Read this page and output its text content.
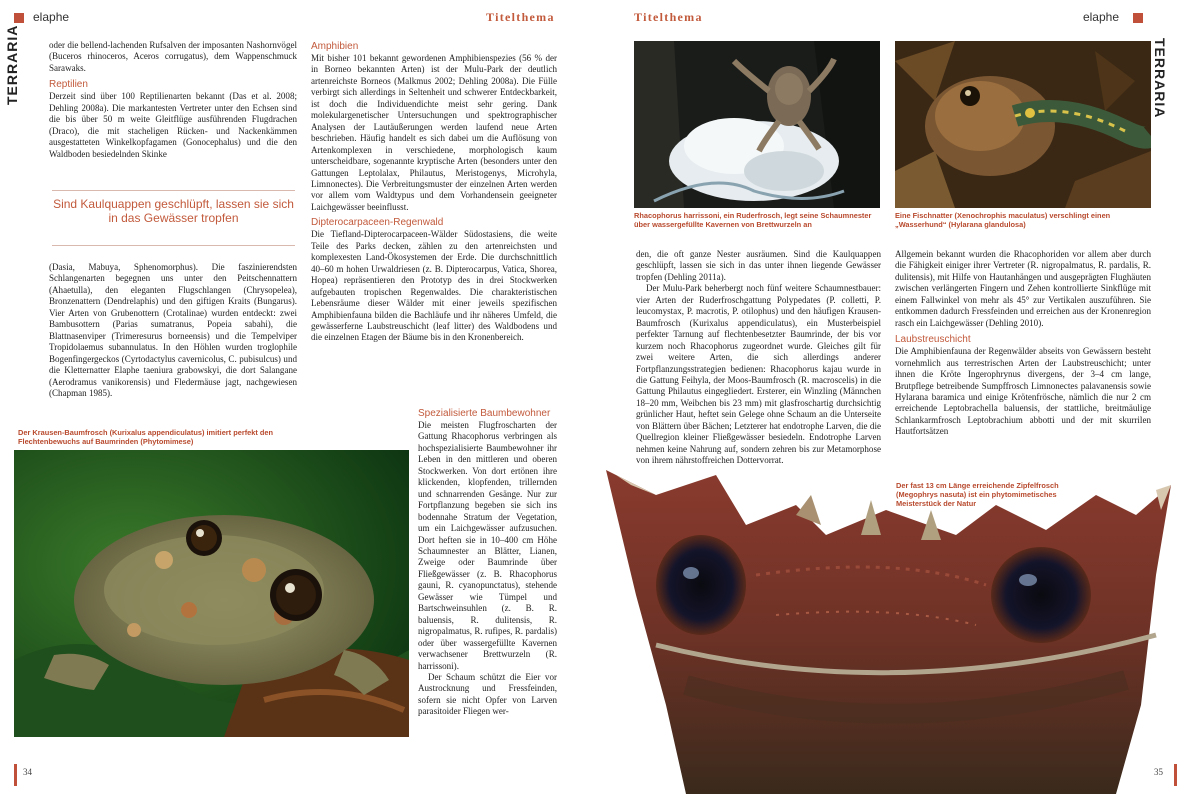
elaphe	Titelthema
TERRARIA	oder die bellend-lachenden Rufsalven der imposanten Nashornvögel (Buceros rhinoceros, Aceros corrugatus), dem Wappenschmuck Sarawaks.

Reptilien

Derzeit sind über 100 Reptilienarten bekannt (Das et al. 2008; Dehling 2008a). Die markantesten Vertreter unter den Echsen sind die bis über 50 m weite Gleitflüge ausführenden Flugdrachen (Draco), die mit stacheligen Rücken- und Nackenkämmen ausgestatteten Winkelkopfagamen (Gonocephalus) und die den Waldboden besiedelnden Skinke

Sind Kaulquappen geschlüpft, lassen sie sich in das Gewässer tropfen

(Dasia, Mabuya, Sphenomorphus). Die faszinierendsten Schlangenarten begegnen uns unter den Peitschennattern (Ahaetulla), den eleganten Flugschlangen (Chrysopelea), Bronzenattern (Dendrelaphis) und den giftigen Kraits (Bungarus). Vier Arten von Grubenottern (Crotalinae) wurden entdeckt: zwei Bambusottern (Parias sumatranus, Popeia sabahi), die Blattnasenviper (Trimeresurus borneensis) und die Tempelviper Tropidolaemus subannulatus. In den Höhlen wurden troglophile Bogenfingergeckos (Cyrtodactylus cavernicolus, C. pubisulcus) und die Kletternatter Elaphe taeniura grabowskyi, die dort Salangane (Aerodramus vanikorensis) und Fledermäuse jagt, nachgewiesen (Chapman 1985).

Der Krausen-Baumfrosch (Kurixalus appendiculatus) imitiert perfekt den Flechtenbewuchs auf Baumrinden (Phytomimese)

Amphibien

Mit bisher 101 bekannt gewordenen Amphibienspezies (56 % der in Borneo bekannten Arten) ist der Mulu-Park der deutlich artenreichste Borneos (Malkmus 2002; Dehling 2008a). Die Fülle verbirgt sich allerdings in Seltenheit und schwerer Entdeckbarkeit, ist doch die Individuendichte meist sehr gering. Dank molekulargenetischer Untersuchungen und spektrographischer Analysen der Lautäußerungen werden laufend neue Arten beschrieben. Häufig handelt es sich dabei um die Auflösung von Artenkomplexen in verschiedene, morphologisch kaum unterscheidbare, sogenannte kryptische Arten (besonders unter den Gattungen Leptolalax, Philautus, Meristogenys, Microhyla, Limnonectes). Die Verbreitungsmuster der einzelnen Arten werden vor allem vom Waldtypus und dem Vorhandensein geeigneter Laichgewässer beeinflusst.

Dipterocarpaceen-Regenwald

Die Tiefland-Dipterocarpaceen-Wälder Südostasiens, die weite Teile des Parks decken, zählen zu den artenreichsten und komplexesten Land-Ökosystemen der Erde. Die durchschnittlich 40–60 m hohen Urwaldriesen (z. B. Dipterocarpus, Vatica, Shorea, Hopea) repräsentieren den Prototyp des in drei Stockwerken aufgebauten tropischen Regenwaldes. Die charakteristischen Lebensräume dieser Wälder mit einer jeweils spezifischen Amphibienfauna bilden die Bachläufe und ihr näheres Umfeld, die gewässerferne Laubstreuschicht (leaf litter) des Waldbodens und die einzelnen Etagen der Bäume bis in den Kronenbereich.

Spezialisierte Baumbewohner

Die meisten Flugfroscharten der Gattung Rhacophorus verbringen als hochspezialisierte Baumbewohner ihr Leben in den mittleren und oberen Stockwerken. Von dort ertönen ihre klickenden, klopfenden, trillernden und schnarrenden Gesänge. Nur zur Fortpflanzung begeben sie sich ins bodennahe Stratum der Vegetation, um ein Laichgewässer aufzusuchen. Dort heften sie in 10–400 cm Höhe Schaumnester an Blätter, Lianen, Zweige oder Baumrinde über Fließgewässer (z. B. Rhacophorus gauni, R. cyanopunctatus), stehende Gewässer wie Tümpel und Bartschweinsuhlen (z. B. R. baluensis, R. dulitensis, R. nigropalmatus, R. rufipes, R. pardalis) oder über wassergefüllte Kavernen verwachsener Brettwurzeln (R. harrissoni).

Der Schaum schützt die Eier vor Austrocknung und Fressfeinden, sofern sie nicht Opfer von Larven parasitoider Fliegen wer-

34
Titelthema	elaphe
TERRARIA
Rhacophorus harrissoni, ein Ruderfrosch, legt seine Schaumnester über wassergefüllte Kavernen von Brettwurzeln an
Eine Fischnatter (Xenochrophis maculatus) verschlingt einen „Wasserhund“ (Hylarana glandulosa)

den, die oft ganze Nester ausräumen. Sind die Kaulquappen geschlüpft, lassen sie sich in das unter ihnen liegende Gewässer tropfen (Dehling 2011a).

Der Mulu-Park beherbergt noch fünf weitere Schaumnestbauer: vier Arten der Ruderfroschgattung Polypedates (P. colletti, P. leucomystax, P. macrotis, P. otilophus) und den häufigen Krausen-Baumfrosch (Kurixalus appendiculatus), ein Musterbeispiel perfekter Tarnung auf flechtenbesetzter Baumrinde, der bis vor kurzem noch Rhacophorus zugeordnet wurde. Gleiches gilt für zwei weitere Arten, die sich allerdings anderer Fortpflanzungsstrategien bedienen: Rhacophorus kajau wurde in die Gattung Feihyla, der Moos-Baumfrosch (R. macroscelis) in die Gattung Philautus eingegliedert. Ersterer, ein Winzling (Männchen 18–20 mm, Weibchen bis 23 mm) mit glasfroschartig durchsichtig grünlicher Haut, heftet sein Gelege ohne Schaum an die Unterseite von Blättern über Bächen; Letzterer hat endotrophe Larven, die die Quellregion kleiner Fließgewässer besiedeln. Endotrophe Larven nehmen keine Nahrung auf, sondern zehren bis zur Metamorphose von ihrem nährstoffreichen Dottervorrat.

Allgemein bekannt wurden die Rhacophoriden vor allem aber durch die Fähigkeit einiger ihrer Vertreter (R. nigropalmatus, R. pardalis, R. dulitensis), mit Hilfe von Hautanhängen und ausgeprägten Flughäuten zwischen verlängerten Fingern und Zehen kontrollierte Sinkflüge mit einem Fallwinkel von mehr als 45° zur Vertikalen auszuführen. Sie entkommen dadurch Fressfeinden und erreichen aus der Kronenregion rasch ein Laichgewässer (Dehling 2010).

Laubstreuschicht

Die Amphibienfauna der Regenwälder abseits von Gewässern besteht vornehmlich aus terrestrischen Arten der Laubstreuschicht; unter ihnen die Kröte Ingerophrynus divergens, der 3–4 cm lange, Brutpflege betreibende Sumpffrosch Limnonectes palavanensis sowie Hylarana baramica und einige Krötenfrösche, nämlich die nur 2 cm erreichende Leptobrachella baluensis, der stattliche, breitmäulige Schlankarmfrosch Leptobrachium abbotti und der mit skurrilen Hautfortsätzen

Der fast 13 cm Länge erreichende Zipfelfrosch (Megophrys nasuta) ist ein phytomimetisches Meisterstück der Natur
35
